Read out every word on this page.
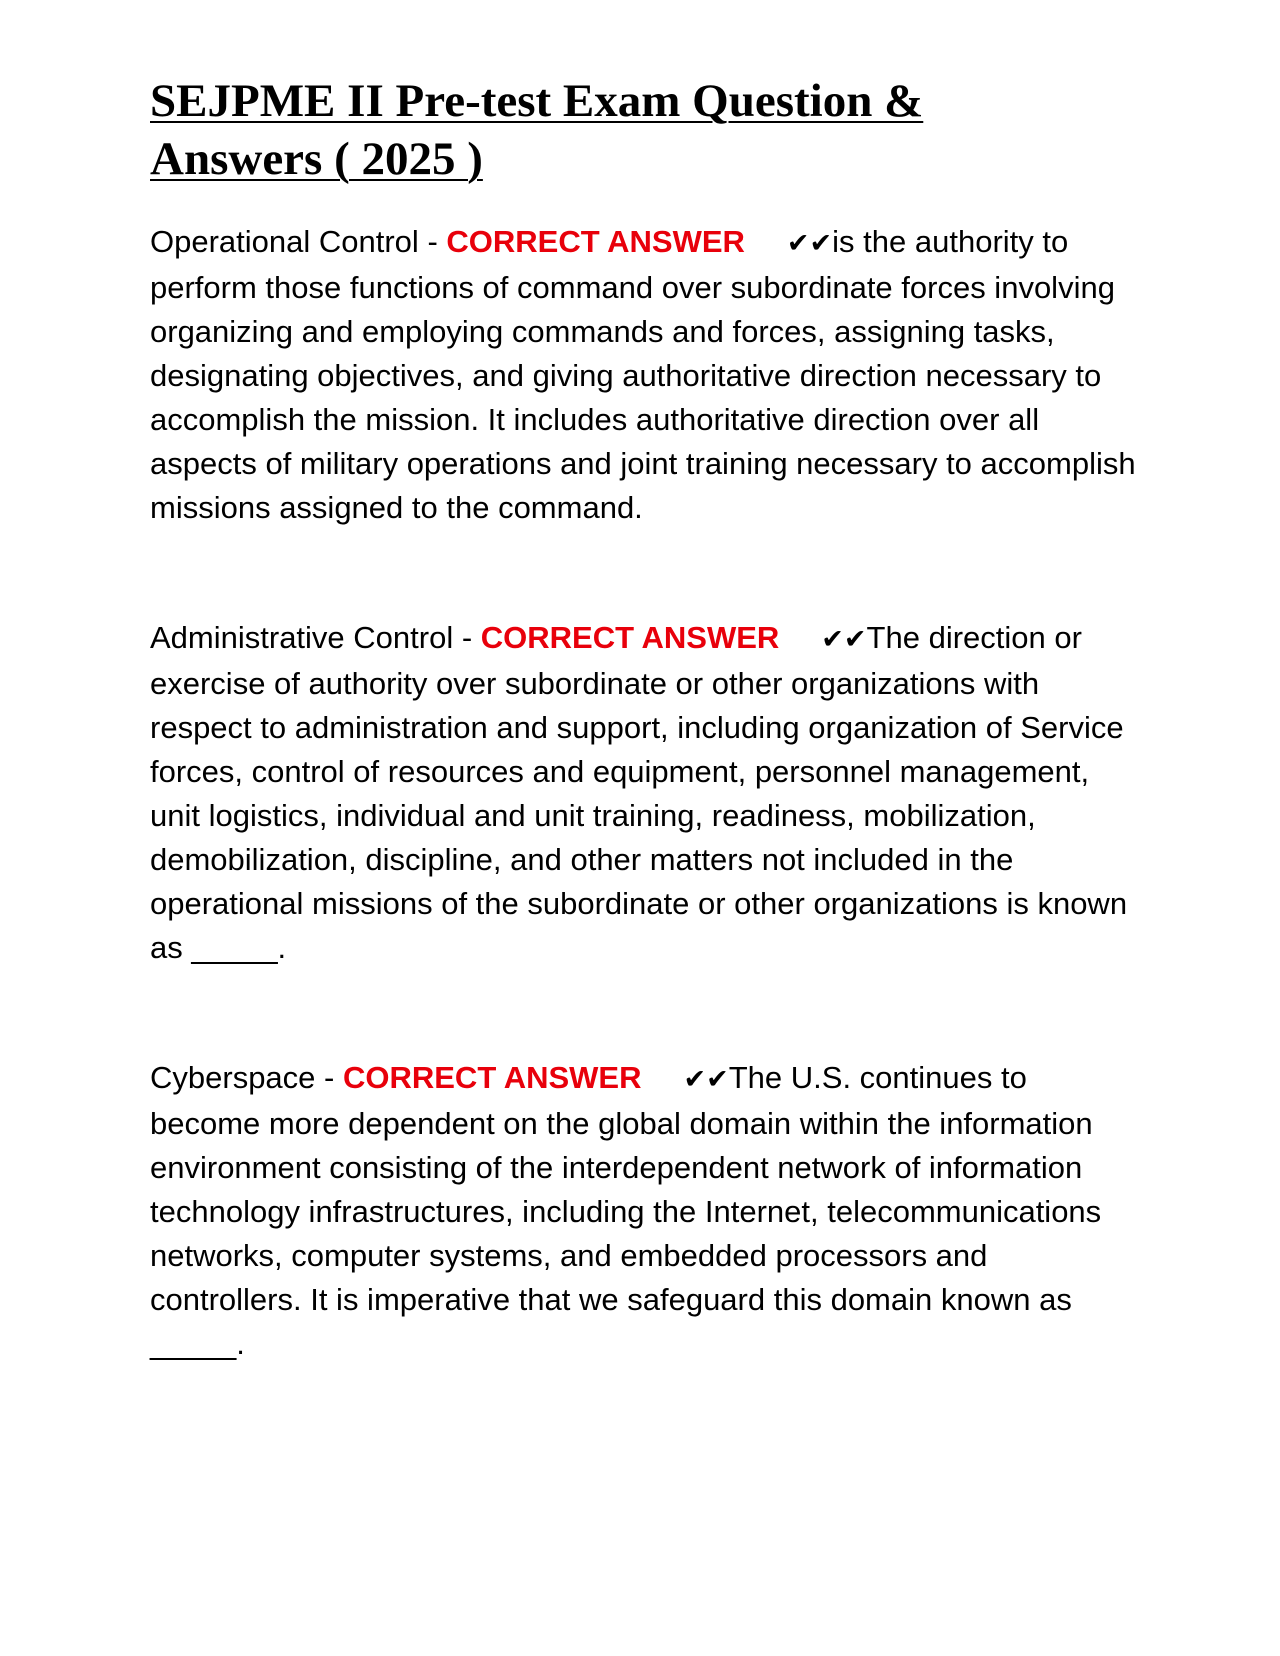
SEJPME II Pre-test Exam Question & Answers ( 2025 )

Operational Control - CORRECT ANSWER ✔✔is the authority to perform those functions of command over subordinate forces involving organizing and employing commands and forces, assigning tasks, designating objectives, and giving authoritative direction necessary to accomplish the mission. It includes authoritative direction over all aspects of military operations and joint training necessary to accomplish missions assigned to the command.

Administrative Control - CORRECT ANSWER ✔✔The direction or exercise of authority over subordinate or other organizations with respect to administration and support, including organization of Service forces, control of resources and equipment, personnel management, unit logistics, individual and unit training, readiness, mobilization, demobilization, discipline, and other matters not included in the operational missions of the subordinate or other organizations is known as _____.

Cyberspace - CORRECT ANSWER ✔✔The U.S. continues to become more dependent on the global domain within the information environment consisting of the interdependent network of information technology infrastructures, including the Internet, telecommunications networks, computer systems, and embedded processors and controllers. It is imperative that we safeguard this domain known as _____.
